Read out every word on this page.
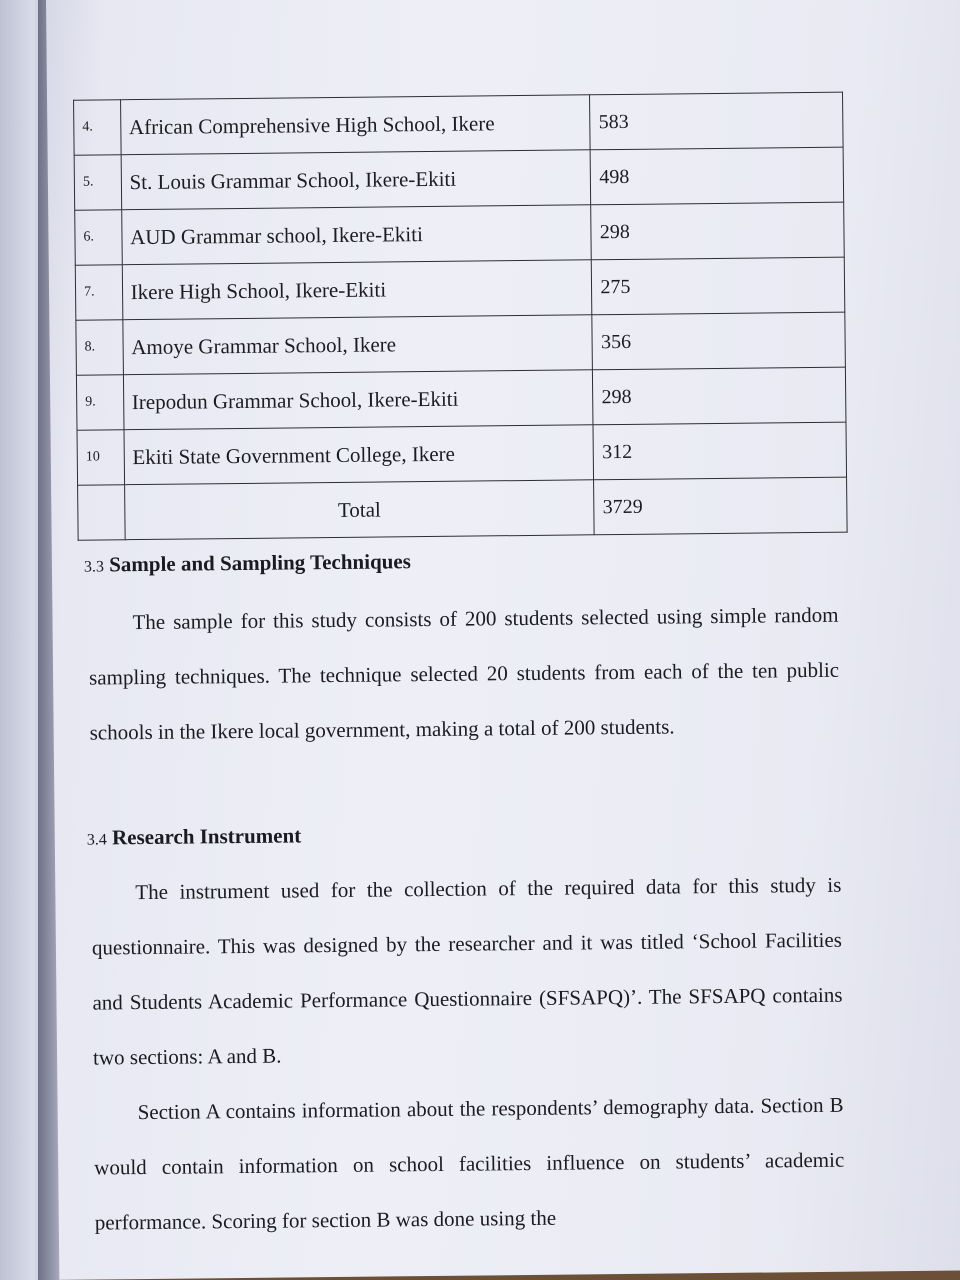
4.	African Comprehensive High School, Ikere	583
5.	St. Louis Grammar School, Ikere-Ekiti	498
6.	AUD Grammar school, Ikere-Ekiti	298
7.	Ikere High School, Ikere-Ekiti	275
8.	Amoye Grammar School, Ikere	356
9.	Irepodun Grammar School, Ikere-Ekiti	298
10	Ekiti State Government College, Ikere	312
	Total	3729
3.3 Sample and Sampling Techniques
The sample for this study consists of 200 students selected using simple random sampling techniques. The technique selected 20 students from each of the ten public schools in the Ikere local government, making a total of 200 students.
3.4 Research Instrument
The instrument used for the collection of the required data for this study is questionnaire. This was designed by the researcher and it was titled ‘School Facilities and Students Academic Performance Questionnaire (SFSAPQ)’. The SFSAPQ contains two sections: A and B.
Section A contains information about the respondents’ demography data. Section B would contain information on school facilities influence on students’ academic performance. Scoring for section B was done using the
